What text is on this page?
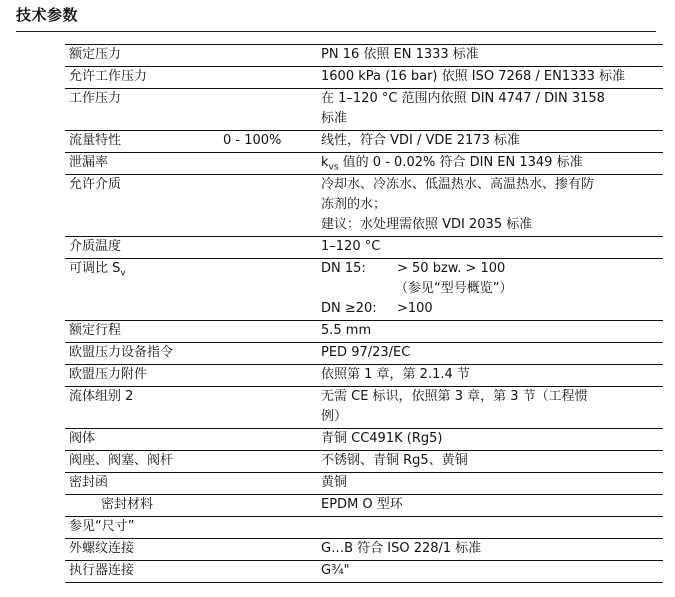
技术参数
额定压力	PN 16 依照 EN 1333 标准
允许工作压力	1600 kPa (16 bar) 依照 ISO 7268 / EN1333 标准
工作压力	在 1–120 °C 范围内依照 DIN 4747 / DIN 3158
标准
流量特性	0 - 100%	线性，符合 VDI / VDE 2173 标准
泄漏率	$k_{vs}$ 值的 0 - 0.02% 符合 DIN EN 1349 标准
允许介质	冷却水、冷冻水、低温热水、高温热水、掺有防
冻剂的水；
建议：水处理需依照 VDI 2035 标准
介质温度	1–120 °C
可调比 $S_v$	DN 15: > 50 bzw. > 100
（参见“型号概览”）
DN ≥20: >100
额定行程	5.5 mm
欧盟压力设备指令	PED 97/23/EC
欧盟压力附件	依照第 1 章，第 2.1.4 节
流体组别 2	无需 CE 标识，依照第 3 章，第 3 节（工程惯
例）
阀体	青铜 CC491K (Rg5)
阀座、阀塞、阀杆	不锈钢、青铜 Rg5、黄铜
密封函	黄铜
密封材料	EPDM O 型环
参见“尺寸”
外螺纹连接	G…B 符合 ISO 228/1 标准
执行器连接	G¾"
